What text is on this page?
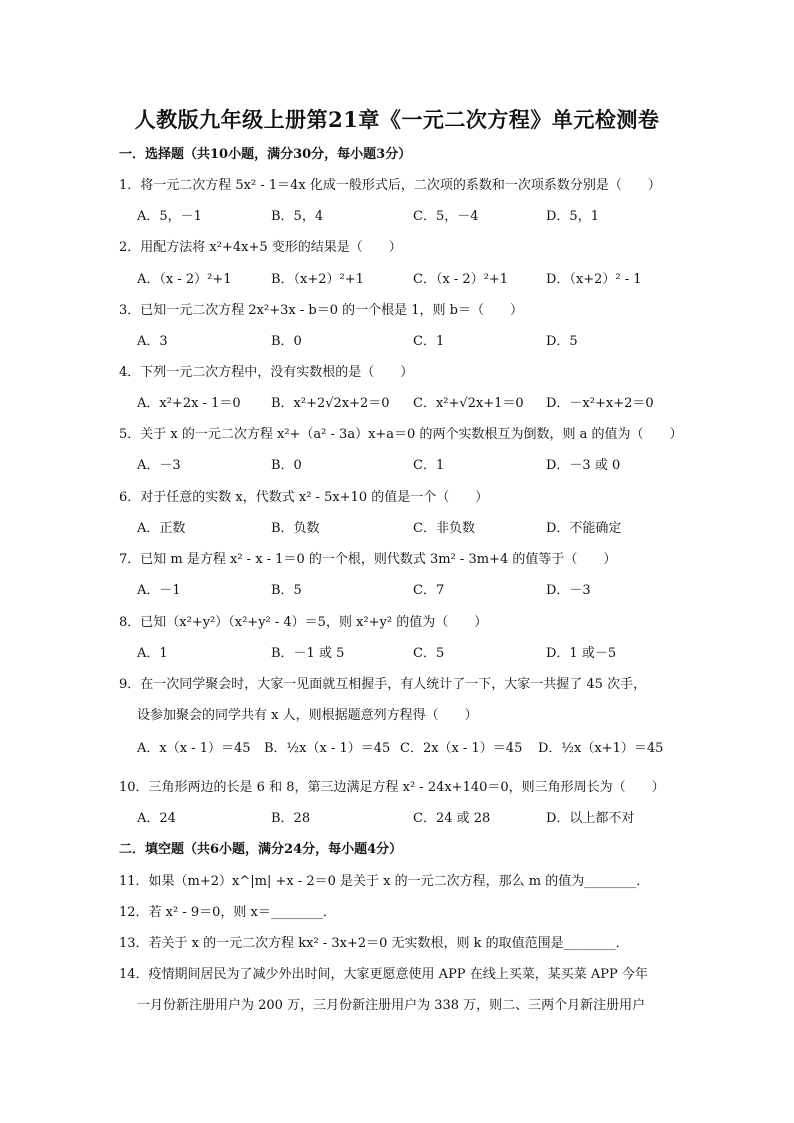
人教版九年级上册第21章《一元二次方程》单元检测卷
一．选择题（共10小题，满分30分，每小题3分）
1．将一元二次方程 5x² - 1＝4x 化成一般形式后，二次项的系数和一次项系数分别是（　　）
A．5，－1	B．5，4	C．5，－4	D．5，1
2．用配方法将 x²+4x+5 变形的结果是（　　）
A．（x - 2）²+1	B．（x+2）²+1	C．（x - 2）²+1	D．（x+2）² - 1
3．已知一元二次方程 2x²+3x - b＝0 的一个根是 1，则 b＝（　　）
A．3	B．0	C．1	D．5
4．下列一元二次方程中，没有实数根的是（　　）
A．x²+2x - 1＝0 B．x²+2√2x+2＝0 C．x²+√2x+1＝0 D．－x²+x+2＝0
5．关于 x 的一元二次方程 x²+（a² - 3a）x+a＝0 的两个实数根互为倒数，则 a 的值为（　　）
A．－3	B．0	C．1	D．－3 或 0
6．对于任意的实数 x，代数式 x² - 5x+10 的值是一个（　　）
A．正数	B．负数	C．非负数	D．不能确定
7．已知 m 是方程 x² - x - 1＝0 的一个根，则代数式 3m² - 3m+4 的值等于（　　）
A．－1	B．5	C．7	D．－3
8．已知（x²+y²）（x²+y² - 4）＝5，则 x²+y² 的值为（　　）
A．1	B．－1 或 5	C．5	D．1 或－5
9．在一次同学聚会时，大家一见面就互相握手，有人统计了一下，大家一共握了 45 次手，
设参加聚会的同学共有 x 人，则根据题意列方程得（　　）
A．x（x - 1）＝45 B．½x（x - 1）＝45 C．2x（x - 1）＝45 D．½x（x+1）＝45
10．三角形两边的长是 6 和 8，第三边满足方程 x² - 24x+140＝0，则三角形周长为（　　）
A．24	B．28	C．24 或 28	D．以上都不对
二．填空题（共6小题，满分24分，每小题4分）
11．如果（m+2）x^|m| +x - 2＝0 是关于 x 的一元二次方程，那么 m 的值为________．
12．若 x² - 9＝0，则 x＝________．
13．若关于 x 的一元二次方程 kx² - 3x+2＝0 无实数根，则 k 的取值范围是________．
14．疫情期间居民为了减少外出时间，大家更愿意使用 APP 在线上买菜，某买菜 APP 今年
一月份新注册用户为 200 万，三月份新注册用户为 338 万，则二、三两个月新注册用户
